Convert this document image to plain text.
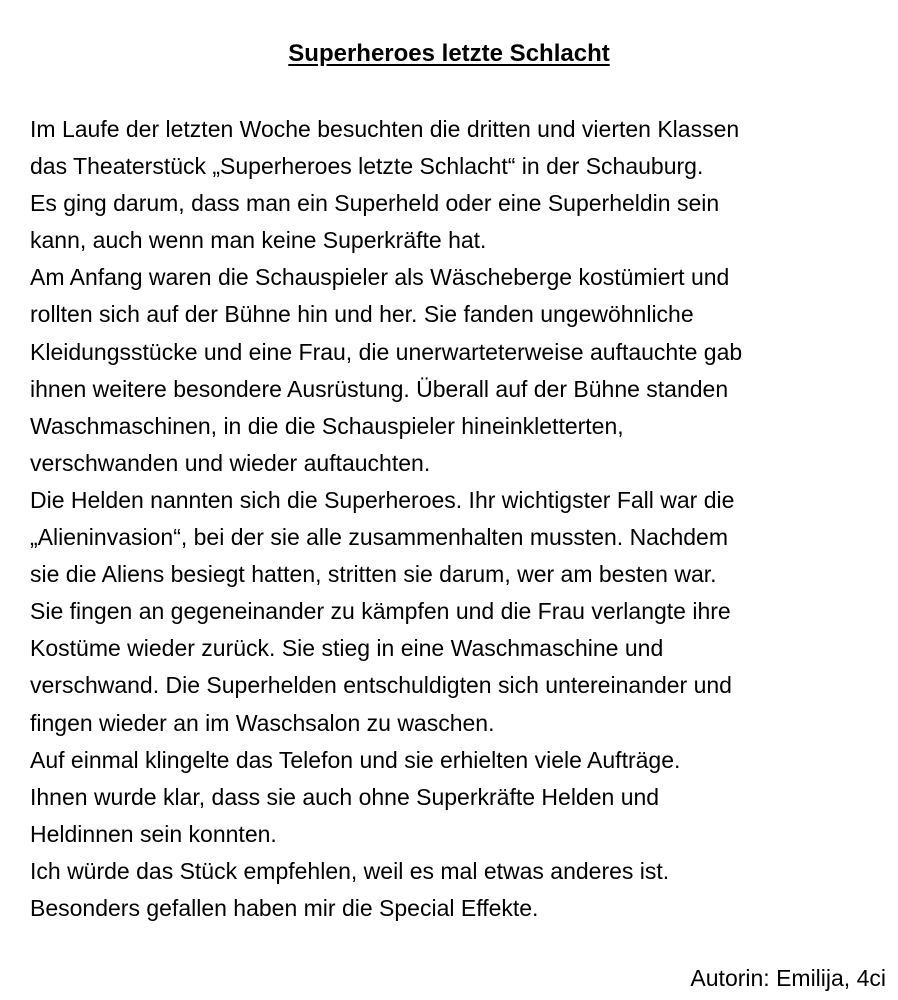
Superheroes letzte Schlacht
Im Laufe der letzten Woche besuchten die dritten und vierten Klassen
das Theaterstück „Superheroes letzte Schlacht“ in der Schauburg.
Es ging darum, dass man ein Superheld oder eine Superheldin sein
kann, auch wenn man keine Superkräfte hat.
Am Anfang waren die Schauspieler als Wäscheberge kostümiert und
rollten sich auf der Bühne hin und her. Sie fanden ungewöhnliche
Kleidungsstücke und eine Frau, die unerwarteterweise auftauchte gab
ihnen weitere besondere Ausrüstung. Überall auf der Bühne standen
Waschmaschinen, in die die Schauspieler hineinkletterten,
verschwanden und wieder auftauchten.
Die Helden nannten sich die Superheroes. Ihr wichtigster Fall war die
„Alieninvasion“, bei der sie alle zusammenhalten mussten. Nachdem
sie die Aliens besiegt hatten, stritten sie darum, wer am besten war.
Sie fingen an gegeneinander zu kämpfen und die Frau verlangte ihre
Kostüme wieder zurück. Sie stieg in eine Waschmaschine und
verschwand. Die Superhelden entschuldigten sich untereinander und
fingen wieder an im Waschsalon zu waschen.
Auf einmal klingelte das Telefon und sie erhielten viele Aufträge.
Ihnen wurde klar, dass sie auch ohne Superkräfte Helden und
Heldinnen sein konnten.
Ich würde das Stück empfehlen, weil es mal etwas anderes ist.
Besonders gefallen haben mir die Special Effekte.

Autorin: Emilija, 4ci
